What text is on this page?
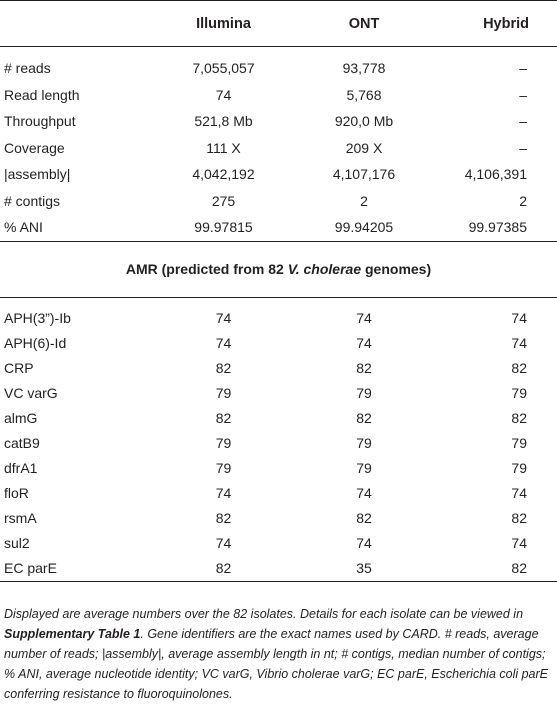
	Illumina	ONT	Hybrid

# reads	7,055,057	93,778	–
Read length	74	5,768	–
Throughput	521,8 Mb	920,0 Mb	–
Coverage	111 X	209 X	–
|assembly|	4,042,192	4,107,176	4,106,391
# contigs	275	2	2
% ANI	99.97815	99.94205	99.97385
AMR (predicted from 82 V. cholerae genomes)			

APH(3”)-Ib	74	74	74
APH(6)-Id	74	74	74
CRP	82	82	82
VC varG	79	79	79
almG	82	82	82
catB9	79	79	79
dfrA1	79	79	79
floR	74	74	74
rsmA	82	82	82
sul2	74	74	74
EC parE	82	35	82
Displayed are average numbers over the 82 isolates. Details for each isolate can be viewed in Supplementary Table 1. Gene identifiers are the exact names used by CARD. # reads, average number of reads; |assembly|, average assembly length in nt; # contigs, median number of contigs; % ANI, average nucleotide identity; VC varG, Vibrio cholerae varG; EC parE, Escherichia coli parE conferring resistance to fluoroquinolones.
